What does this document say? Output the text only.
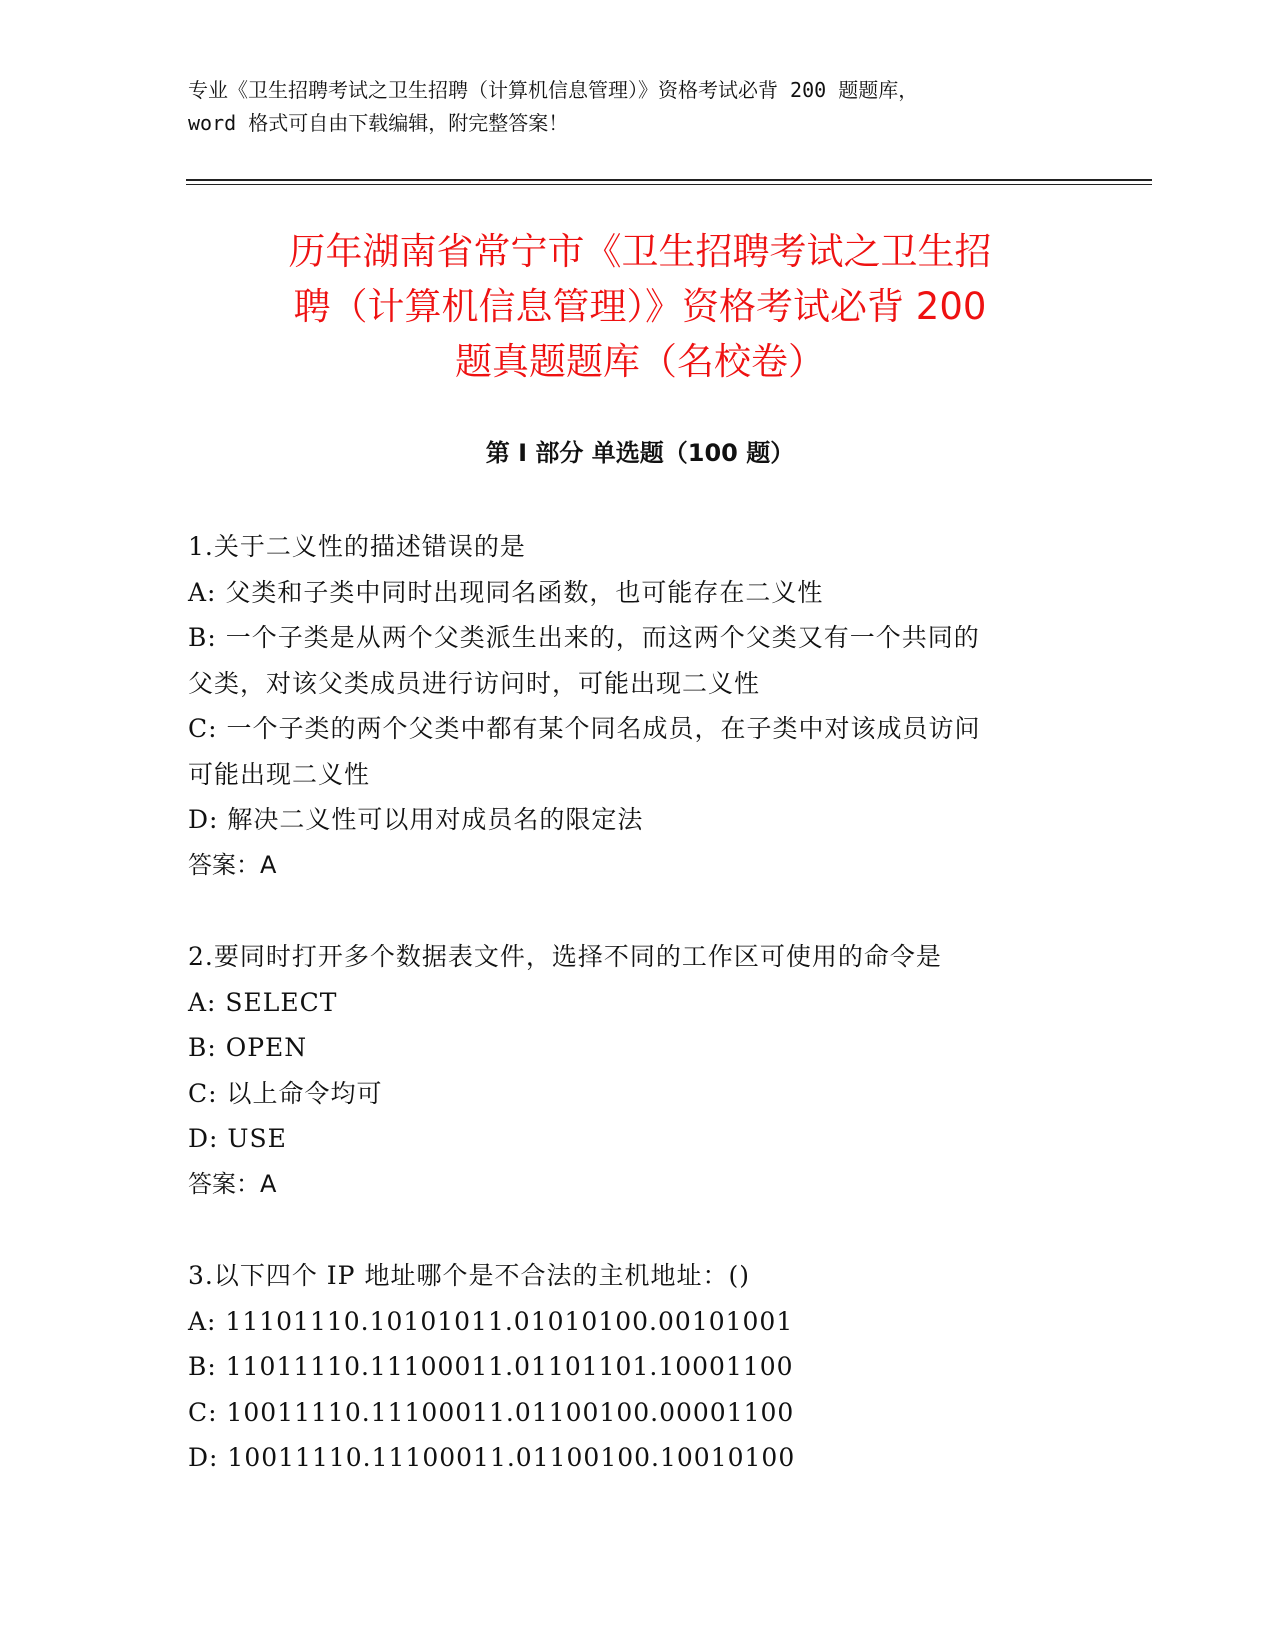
专业《卫生招聘考试之卫生招聘（计算机信息管理）》资格考试必背 200 题题库，
word 格式可自由下载编辑，附完整答案！
历年湖南省常宁市《卫生招聘考试之卫生招
聘（计算机信息管理）》资格考试必背 200
题真题题库（名校卷）
第 I 部分 单选题（100 题）
1.关于二义性的描述错误的是
A: 父类和子类中同时出现同名函数，也可能存在二义性
B: 一个子类是从两个父类派生出来的，而这两个父类又有一个共同的
父类，对该父类成员进行访问时，可能出现二义性
C: 一个子类的两个父类中都有某个同名成员，在子类中对该成员访问
可能出现二义性
D: 解决二义性可以用对成员名的限定法
答案：A
2.要同时打开多个数据表文件，选择不同的工作区可使用的命令是
A: SELECT
B: OPEN
C: 以上命令均可
D: USE
答案：A
3.以下四个 IP 地址哪个是不合法的主机地址：()
A: 11101110.10101011.01010100.00101001
B: 11011110.11100011.01101101.10001100
C: 10011110.11100011.01100100.00001100
D: 10011110.11100011.01100100.10010100
